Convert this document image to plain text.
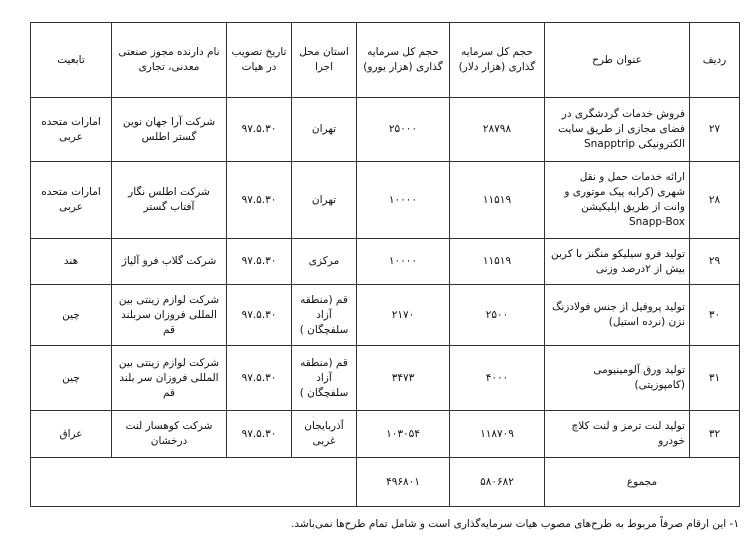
ردیف	عنوان طرح	حجم کل سرمایه گذاری (هزار دلار)	حجم کل سرمایه گذاری (هزار یورو)	استان محل اجرا	تاریخ تصویب در هیات	نام دارنده مجوز صنعتی معدنی، تجاری	تابعیت
۲۷	فروش خدمات گردشگری در فضای مجازی از طریق سایت الکترونیکی Snapptrip	۲۸۷۹۸	۲۵۰۰۰	تهران	۹۷.۵.۳۰	شرکت آرا جهان نوین گستر اطلس	امارات متحده عربی
۲۸	ارائه خدمات حمل و نقل شهری (کرایه پیک موتوری و وانت از طریق اپلیکیشن Snapp-Box	۱۱۵۱۹	۱۰۰۰۰	تهران	۹۷.۵.۳۰	شرکت اطلس نگار آفتاب گستر	امارات متحده عربی
۲۹	تولید فرو سیلیکو منگنز با کربن بیش از ۲درصد وزنی	۱۱۵۱۹	۱۰۰۰۰	مرکزی	۹۷.۵.۳۰	شرکت گلاب فرو آلیاژ	هند
۳۰	تولید پروفیل از جنس فولادزنگ نزن (نرده استیل)	۲۵۰۰	۲۱۷۰	قم (منطقه آزاد سلفچگان )	۹۷.۵.۳۰	شرکت لوازم زینتی بین المللی فروزان سربلند قم	چین
۳۱	تولید ورق آلومینیومی (کامپوزیتی)	۴۰۰۰	۳۴۷۳	قم (منطقه آزاد سلفچگان )	۹۷.۵.۳۰	شرکت لوازم زینتی بین المللی فروزان سر بلند قم	چین
۳۲	تولید لنت ترمز و لنت کلاچ خودرو	۱۱۸۷۰۹	۱۰۳۰۵۴	آذربایجان غربی	۹۷.۵.۳۰	شرکت کوهسار لنت درخشان	عراق
مجموع		۵۸۰۶۸۲	۴۹۶۸۰۱				
۱- این ارقام صرفاً مربوط به طرح‌های مصوب هیات سرمایه‌گذاری است و شامل تمام طرح‌ها نمی‌باشد.
